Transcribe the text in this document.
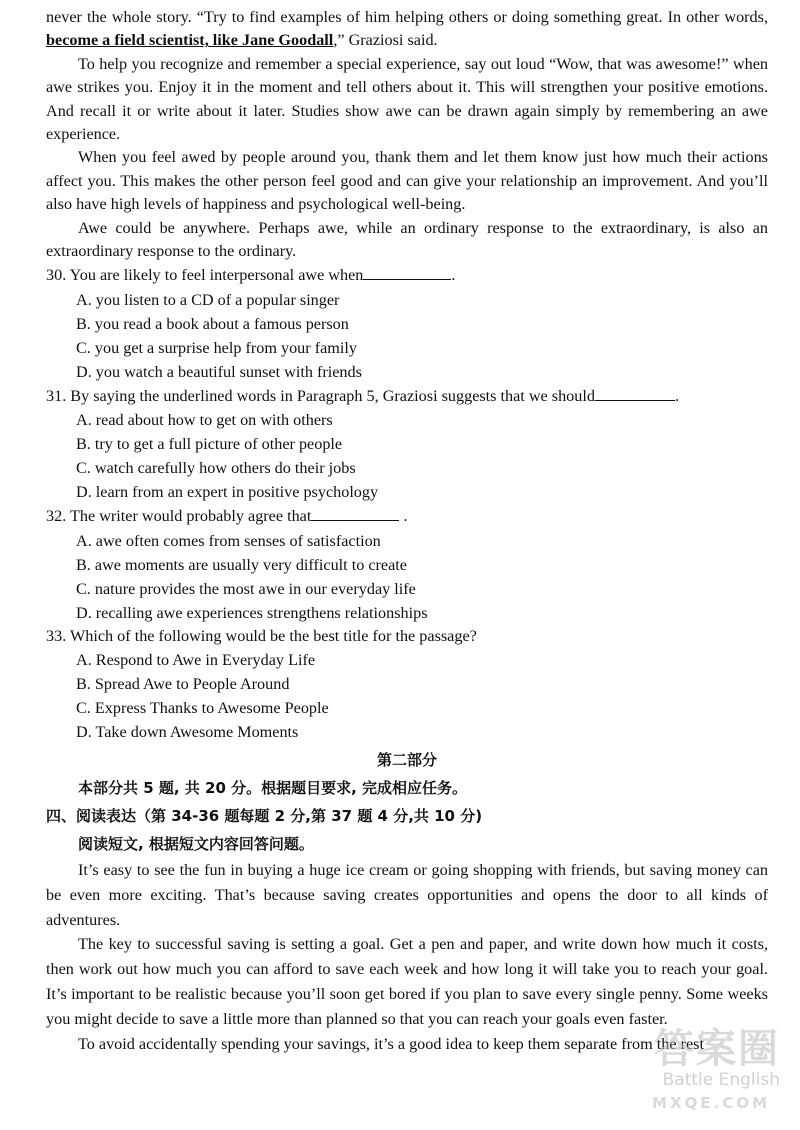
never the whole story. “Try to find examples of him helping others or doing something great. In other words, become a field scientist, like Jane Goodall,” Graziosi said.

To help you recognize and remember a special experience, say out loud “Wow, that was awesome!” when awe strikes you. Enjoy it in the moment and tell others about it. This will strengthen your positive emotions. And recall it or write about it later. Studies show awe can be drawn again simply by remembering an awe experience.

When you feel awed by people around you, thank them and let them know just how much their actions affect you. This makes the other person feel good and can give your relationship an improvement. And you’ll also have high levels of happiness and psychological well-being.

Awe could be anywhere. Perhaps awe, while an ordinary response to the extraordinary, is also an extraordinary response to the ordinary.

30. You are likely to feel interpersonal awe when	.

A. you listen to a CD of a popular singer

B. you read a book about a famous person

C. you get a surprise help from your family

D. you watch a beautiful sunset with friends

31. By saying the underlined words in Paragraph 5, Graziosi suggests that we should	.

A. read about how to get on with others

B. try to get a full picture of other people

C. watch carefully how others do their jobs

D. learn from an expert in positive psychology

32. The writer would probably agree that	.

A. awe often comes from senses of satisfaction

B. awe moments are usually very difficult to create

C. nature provides the most awe in our everyday life

D. recalling awe experiences strengthens relationships

33. Which of the following would be the best title for the passage?

A. Respond to Awe in Everyday Life

B. Spread Awe to People Around

C. Express Thanks to Awesome People

D. Take down Awesome Moments

第二部分

本部分共 5 题, 共 20 分。根据题目要求, 完成相应任务。

四、阅读表达（第 34-36 题每题 2 分,第 37 题 4 分,共 10 分)

阅读短文, 根据短文内容回答问题。

It’s easy to see the fun in buying a huge ice cream or going shopping with friends, but saving money can be even more exciting. That’s because saving creates opportunities and opens the door to all kinds of adventures.

The key to successful saving is setting a goal. Get a pen and paper, and write down how much it costs, then work out how much you can afford to save each week and how long it will take you to reach your goal. It’s important to be realistic because you’ll soon get bored if you plan to save every single penny. Some weeks you might decide to save a little more than planned so that you can reach your goals even faster.

To avoid accidentally spending your savings, it’s a good idea to keep them separate from the rest

答案圈
Battle English
MXQE.COM
